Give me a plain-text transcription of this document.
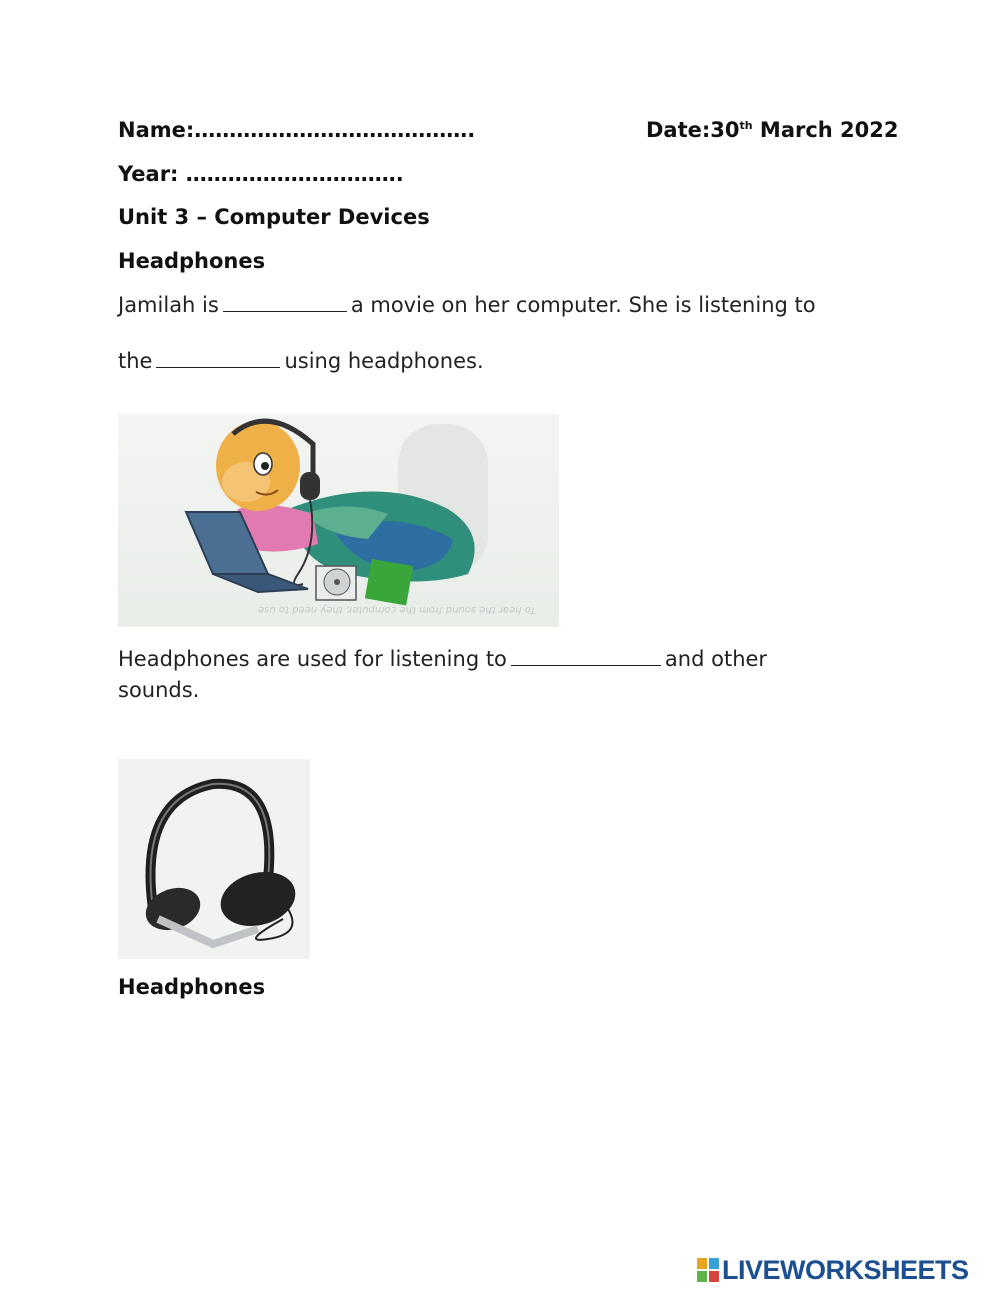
Name:………………………………….	Date:30th March 2022
Year: ………………………….
Unit 3 – Computer Devices
Headphones
Jamilah is	a movie on her computer. She is listening to
the	using headphones.
To hear the sound from the computer, they need to use
Headphones are used for listening to	and other sounds.
Headphones
LIVEWORKSHEETS
